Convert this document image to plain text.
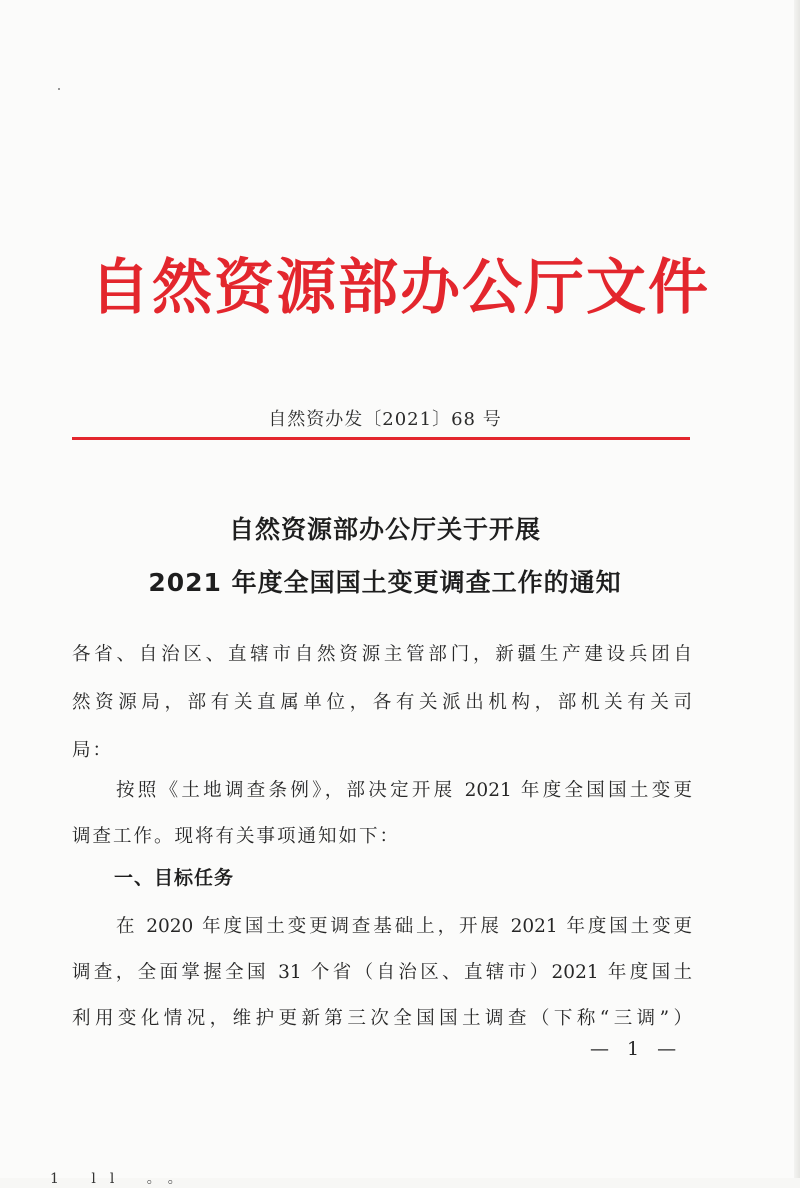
自然资源部办公厅文件
自然资办发〔2021〕68 号
自然资源部办公厅关于开展
2021 年度全国国土变更调查工作的通知
各省、自治区、直辖市自然资源主管部门，新疆生产建设兵团自
然资源局，部有关直属单位，各有关派出机构，部机关有关司
局：
按照《土地调查条例》，部决定开展 2021 年度全国国土变更
调查工作。现将有关事项通知如下：
一、目标任务
在 2020 年度国土变更调查基础上，开展 2021 年度国土变更
调查，全面掌握全国 31 个省（自治区、直辖市）2021 年度国土
利用变化情况，维护更新第三次全国国土调查（下称“三调”）
— 1 —
1 ll 。。
